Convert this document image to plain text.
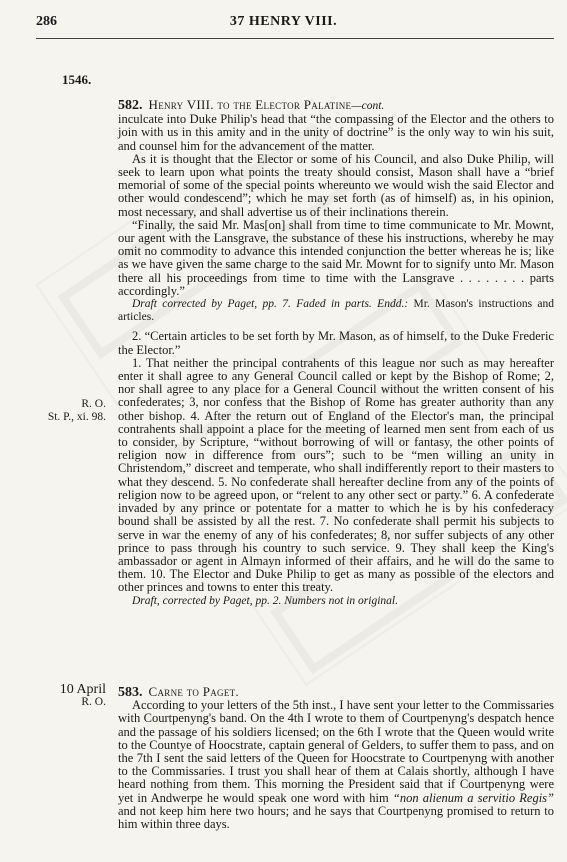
37 HENRY VIII.
286
1546.
582. Henry VIII. to the Elector Palatine—cont.

inculcate into Duke Philip's head that “the compassing of the Elector and the others to join with us in this amity and in the unity of doctrine” is the only way to win his suit, and counsel him for the advancement of the matter.

As it is thought that the Elector or some of his Council, and also Duke Philip, will seek to learn upon what points the treaty should consist, Mason shall have a “brief memorial of some of the special points whereunto we would wish the said Elector and other would condescend”; which he may set forth (as of himself) as, in his opinion, most necessary, and shall advertise us of their inclinations therein.

“Finally, the said Mr. Mas[on] shall from time to time communicate to Mr. Mownt, our agent with the Lansgrave, the substance of these his instructions, whereby he may omit no commodity to advance this intended conjunction the better whereas he is; like as we have given the same charge to the said Mr. Mownt for to signify unto Mr. Mason there all his proceedings from time to time with the Lansgrave . . . . . . . . parts accordingly.”

Draft corrected by Paget, pp. 7. Faded in parts. Endd.: Mr. Mason's instructions and articles.

2. “Certain articles to be set forth by Mr. Mason, as of himself, to the Duke Frederic the Elector.”

1. That neither the principal contrahents of this league nor such as may hereafter enter it shall agree to any General Council called or kept by the Bishop of Rome; 2, nor shall agree to any place for a General Council without the written consent of his confederates; 3, nor confess that the Bishop of Rome has greater authority than any other bishop. 4. After the return out of England of the Elector's man, the principal contrahents shall appoint a place for the meeting of learned men sent from each of us to consider, by Scripture, “without borrowing of will or fantasy, the other points of religion now in difference from ours”; such to be “men willing an unity in Christendom,” discreet and temperate, who shall indifferently report to their masters to what they descend. 5. No confederate shall hereafter decline from any of the points of religion now to be agreed upon, or “relent to any other sect or party.” 6. A confederate invaded by any prince or potentate for a matter to which he is by his confederacy bound shall be assisted by all the rest. 7. No confederate shall permit his subjects to serve in war the enemy of any of his confederates; 8, nor suffer subjects of any other prince to pass through his country to such service. 9. They shall keep the King's ambassador or agent in Almayn informed of their affairs, and he will do the same to them. 10. The Elector and Duke Philip to get as many as possible of the electors and other princes and towns to enter this treaty.

Draft, corrected by Paget, pp. 2. Numbers not in original.

R. O.
St. P., xi. 98.
10 April
R. O.
583. Carne to Paget.

According to your letters of the 5th inst., I have sent your letter to the Commissaries with Courtpenyng's band. On the 4th I wrote to them of Courtpenyng's despatch hence and the passage of his soldiers licensed; on the 6th I wrote that the Queen would write to the Countye of Hoocstrate, captain general of Gelders, to suffer them to pass, and on the 7th I sent the said letters of the Queen for Hoocstrate to Courtpenyng with another to the Commissaries. I trust you shall hear of them at Calais shortly, although I have heard nothing from them. This morning the President said that if Courtpenyng were yet in Andwerpe he would speak one word with him “non alienum a servitio Regis” and not keep him here two hours; and he says that Courtpenyng promised to return to him within three days.
